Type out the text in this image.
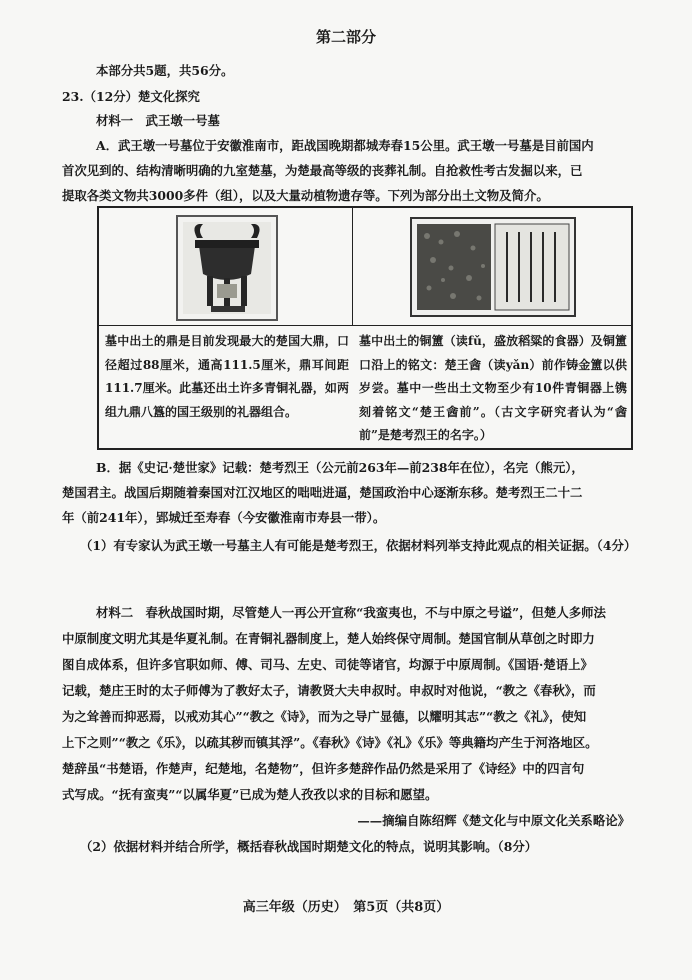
第二部分
本部分共5题，共56分。
23.（12分）楚文化探究
材料一　武王墩一号墓
A．武王墩一号墓位于安徽淮南市，距战国晚期都城寿春15公里。武王墩一号墓是目前国内
首次见到的、结构清晰明确的九室楚墓，为楚最高等级的丧葬礼制。自抢救性考古发掘以来，已
提取各类文物共3000多件（组），以及大量动植物遗存等。下列为部分出土文物及简介。
墓中出土的鼎是目前发现最大的楚国大鼎，口径超过88厘米，通高111.5厘米，鼎耳间距111.7厘米。此墓还出土许多青铜礼器，如两组九鼎八簋的国王级别的礼器组合。
墓中出土的铜簠（读fǔ，盛放稻粱的食器）及铜簠口沿上的铭文：楚王酓（读yǎn）前作铸金簠以供岁尝。墓中一些出土文物至少有10件青铜器上镌刻着铭文“楚王酓前”。（古文字研究者认为“酓前”是楚考烈王的名字。）
B．据《史记·楚世家》记载：楚考烈王（公元前263年—前238年在位），名完（熊元），
楚国君主。战国后期随着秦国对江汉地区的咄咄进逼，楚国政治中心逐渐东移。楚考烈王二十二
年（前241年），郢城迁至寿春（今安徽淮南市寿县一带）。
（1）有专家认为武王墩一号墓主人有可能是楚考烈王，依据材料列举支持此观点的相关证据。（4分）
材料二　春秋战国时期，尽管楚人一再公开宣称“我蛮夷也，不与中原之号谥”，但楚人多师法
中原制度文明尤其是华夏礼制。在青铜礼器制度上，楚人始终保守周制。楚国官制从草创之时即力
图自成体系，但许多官职如师、傅、司马、左史、司徒等诸官，均源于中原周制。《国语·楚语上》
记载，楚庄王时的太子师傅为了教好太子，请教贤大夫申叔时。申叔时对他说，“教之《春秋》，而
为之耸善而抑恶焉，以戒劝其心”“教之《诗》，而为之导广显德，以耀明其志”“教之《礼》，使知
上下之则”“教之《乐》，以疏其秽而镇其浮”。《春秋》《诗》《礼》《乐》等典籍均产生于河洛地区。
楚辞虽“书楚语，作楚声，纪楚地，名楚物”，但许多楚辞作品仍然是采用了《诗经》中的四言句
式写成。“抚有蛮夷”“以属华夏”已成为楚人孜孜以求的目标和愿望。
——摘编自陈绍辉《楚文化与中原文化关系略论》
（2）依据材料并结合所学，概括春秋战国时期楚文化的特点，说明其影响。（8分）
高三年级（历史）　第5页（共8页）
